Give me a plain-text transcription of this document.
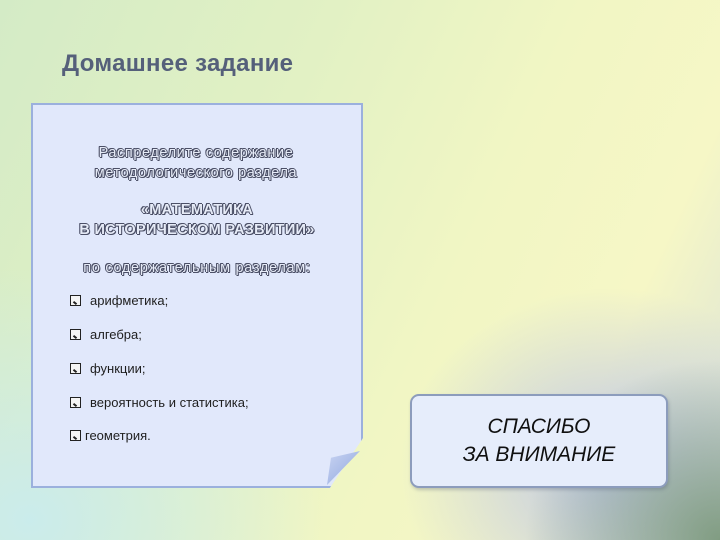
Домашнее задание
Распределите содержание
методологического раздела
«МАТЕМАТИКА
В ИСТОРИЧЕСКОМ РАЗВИТИИ»
по содержательным разделам:
арифметика;
алгебра;
функции;
вероятность и статистика;
геометрия.	СПАСИБО
ЗА ВНИМАНИЕ
